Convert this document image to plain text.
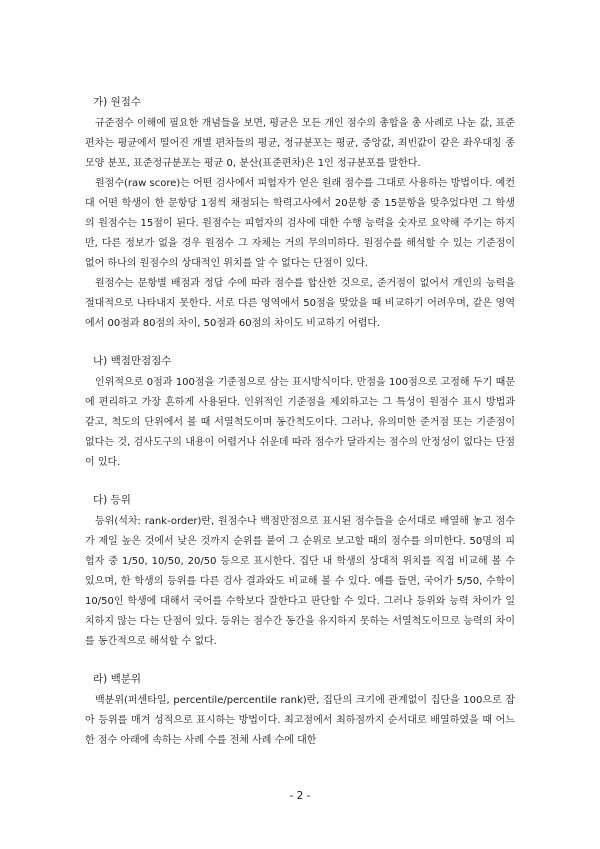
가) 원점수

규준점수 이해에 필요한 개념들을 보면, 평균은 모든 개인 점수의 총합을 총 사례로 나눈 값, 표준편차는 평균에서 떨어진 개별 편차들의 평균, 정규분포는 평균, 중앙값, 최빈값이 같은 좌우대칭 종모양 분포, 표준정규분포는 평균 0, 분산(표준편차)은 1인 정규분포를 말한다.

원점수(raw score)는 어떤 검사에서 피험자가 얻은 원래 점수를 그대로 사용하는 방법이다. 예컨대 어떤 학생이 한 문항당 1점씩 채점되는 학력고사에서 20문항 중 15문항을 맞추었다면 그 학생의 원점수는 15점이 된다. 원점수는 피험자의 검사에 대한 수행 능력을 숫자로 요약해 주기는 하지만, 다른 정보가 없을 경우 원점수 그 자체는 거의 무의미하다. 원점수를 해석할 수 있는 기준점이 없어 하나의 원점수의 상대적인 위치를 알 수 없다는 단점이 있다.

원점수는 문항별 배점과 정답 수에 따라 점수를 합산한 것으로, 준거점이 없어서 개인의 능력을 절대적으로 나타내지 못한다. 서로 다른 영역에서 50점을 맞았을 때 비교하기 어려우며, 같은 영역에서 00점과 80점의 차이, 50점과 60점의 차이도 비교하기 어렵다.

나) 백점만점점수

인위적으로 0점과 100점을 기준점으로 삼는 표시방식이다. 만점을 100점으로 고정해 두기 때문에 편리하고 가장 흔하게 사용된다. 인위적인 기준점을 제외하고는 그 특성이 원점수 표시 방법과 같고, 척도의 단위에서 볼 때 서열척도이며 동간척도이다. 그러나, 유의미한 준거점 또는 기준점이 없다는 것, 검사도구의 내용이 어렵거나 쉬운데 따라 점수가 달라지는 점수의 안정성이 없다는 단점이 있다.

다) 등위

등위(석차: rank-order)란, 원점수나 백점만점으로 표시된 점수들을 순서대로 배열해 놓고 점수가 제일 높은 것에서 낮은 것까지 순위를 붙여 그 순위로 보고할 때의 점수를 의미한다. 50명의 피험자 중 1/50, 10/50, 20/50 등으로 표시한다. 집단 내 학생의 상대적 위치를 직접 비교해 볼 수 있으며, 한 학생의 등위를 다른 검사 결과와도 비교해 볼 수 있다. 예를 들면, 국어가 5/50, 수학이 10/50인 학생에 대해서 국어를 수학보다 잘한다고 판단할 수 있다. 그러나 등위와 능력 차이가 일치하지 않는 다는 단점이 있다. 등위는 점수간 동간을 유지하지 못하는 서열척도이므로 능력의 차이를 동간적으로 해석할 수 없다.

라) 백분위

백분위(퍼센타일, percentile/percentile rank)란, 집단의 크기에 관계없이 집단을 100으로 잡아 등위를 매겨 성적으로 표시하는 방법이다. 최고점에서 최하점까지 순서대로 배열하였을 때 어느 한 점수 아래에 속하는 사례 수를 전체 사례 수에 대한

- 2 -
